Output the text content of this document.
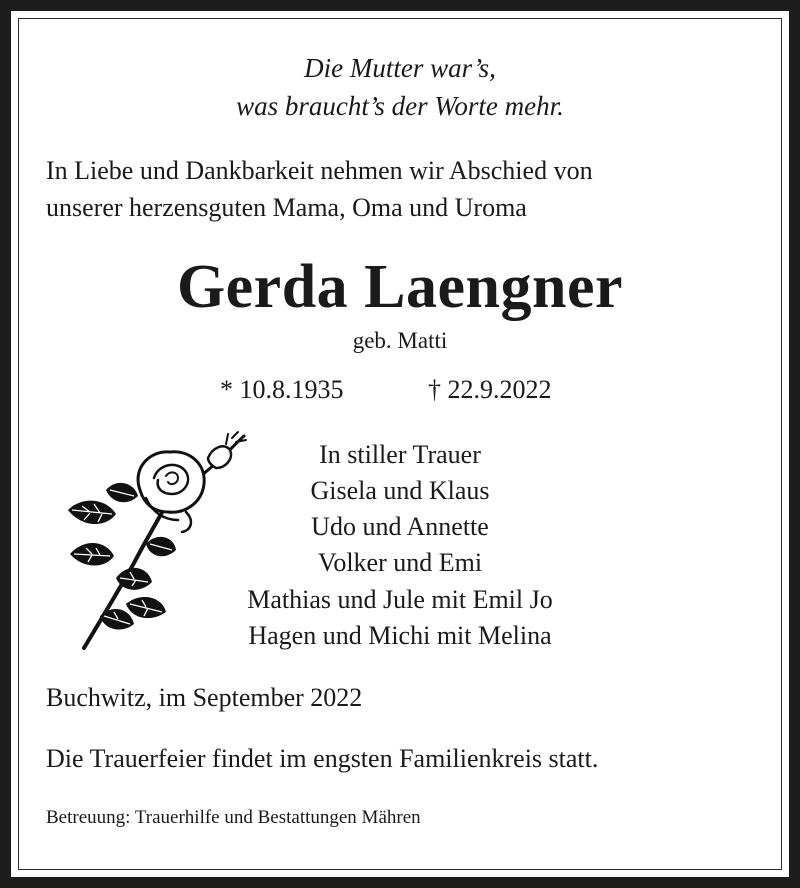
Die Mutter war’s,
was braucht’s der Worte mehr.
In Liebe und Dankbarkeit nehmen wir Abschied von
unserer herzensguten Mama, Oma und Uroma
Gerda Laengner
geb. Matti
* 10.8.1935	† 22.9.2022
In stiller Trauer
Gisela und Klaus
Udo und Annette
Volker und Emi
Mathias und Jule mit Emil Jo
Hagen und Michi mit Melina
Buchwitz, im September 2022
Die Trauerfeier findet im engsten Familienkreis statt.
Betreuung: Trauerhilfe und Bestattungen Mähren
